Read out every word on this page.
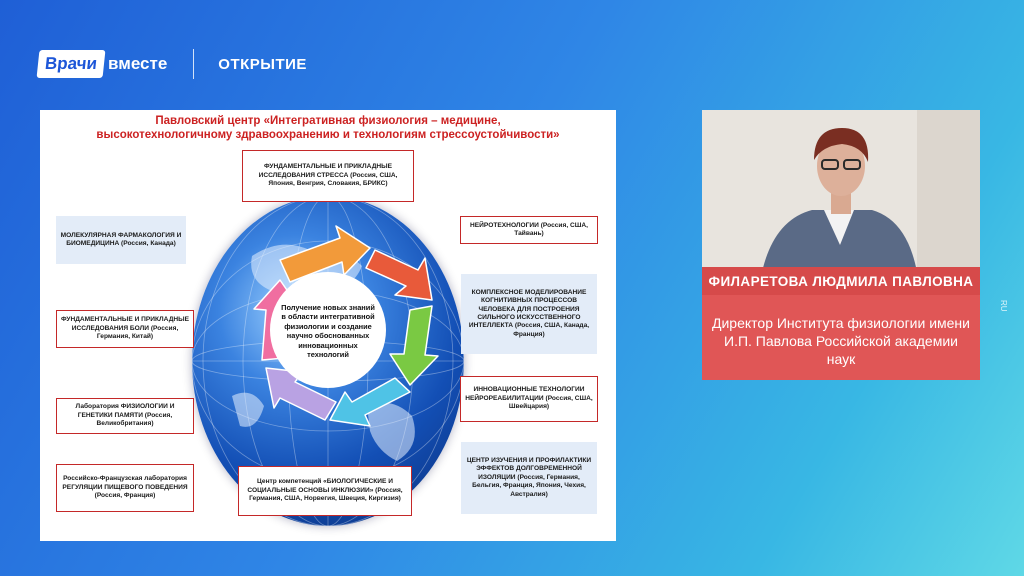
Врачи вместе	ОТКРЫТИЕ
Павловский центр «Интегративная физиология – медицине,
высокотехнологичному здравоохранению и технологиям стрессоустойчивости»
Получение новых знаний в области интегративной физиологии и создание научно обоснованных инновационных технологий
ФУНДАМЕНТАЛЬНЫЕ И ПРИКЛАДНЫЕ ИССЛЕДОВАНИЯ СТРЕССА (Россия, США, Япония, Венгрия, Словакия, БРИКС)
МОЛЕКУЛЯРНАЯ ФАРМАКОЛОГИЯ И БИОМЕДИЦИНА (Россия, Канада)
НЕЙРОТЕХНОЛОГИИ (Россия, США, Тайвань)
КОМПЛЕКСНОЕ МОДЕЛИРОВАНИЕ КОГНИТИВНЫХ ПРОЦЕССОВ ЧЕЛОВЕКА ДЛЯ ПОСТРОЕНИЯ СИЛЬНОГО ИСКУССТВЕННОГО ИНТЕЛЛЕКТА (Россия, США, Канада, Франция)
ФУНДАМЕНТАЛЬНЫЕ И ПРИКЛАДНЫЕ ИССЛЕДОВАНИЯ БОЛИ (Россия, Германия, Китай)
ИННОВАЦИОННЫЕ ТЕХНОЛОГИИ НЕЙРОРЕАБИЛИТАЦИИ (Россия, США, Швейцария)
Лаборатория ФИЗИОЛОГИИ И ГЕНЕТИКИ ПАМЯТИ (Россия, Великобритания)
ЦЕНТР ИЗУЧЕНИЯ И ПРОФИЛАКТИКИ ЭФФЕКТОВ ДОЛГОВРЕМЕННОЙ ИЗОЛЯЦИИ (Россия, Германия, Бельгия, Франция, Япония, Чехия, Австралия)
Российско-Французская лаборатория РЕГУЛЯЦИИ ПИЩЕВОГО ПОВЕДЕНИЯ (Россия, Франция)
Центр компетенций «БИОЛОГИЧЕСКИЕ И СОЦИАЛЬНЫЕ ОСНОВЫ ИНКЛЮЗИИ» (Россия, Германия, США, Норвегия, Швеция, Киргизия)
ФИЛАРЕТОВА ЛЮДМИЛА ПАВЛОВНА
Директор Института физиологии имени И.П. Павлова Российской академии наук
RU
